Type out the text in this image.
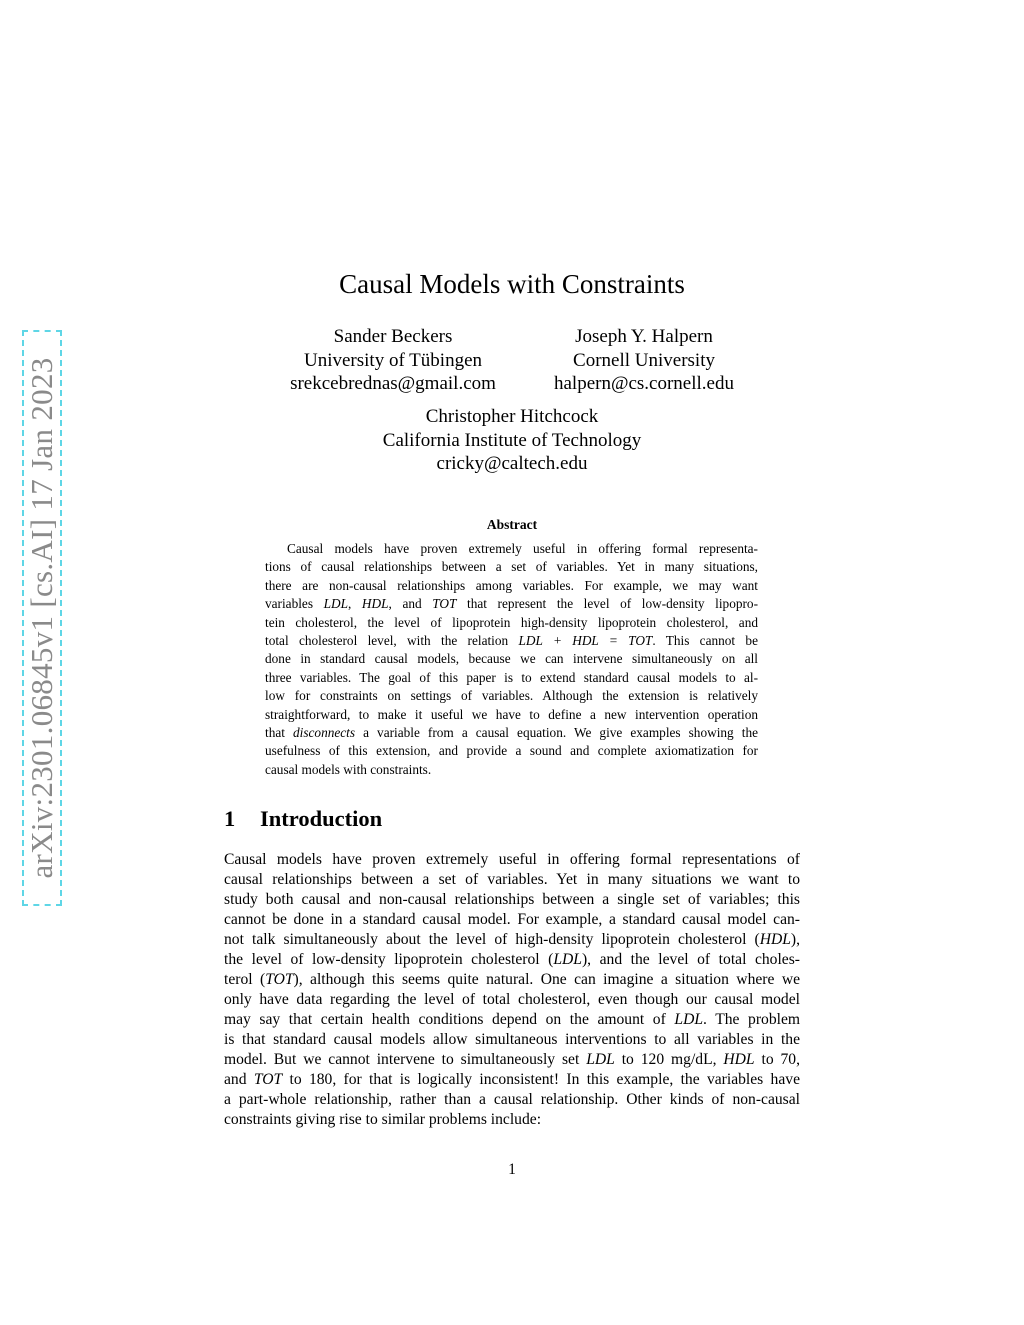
arXiv:2301.06845v1 [cs.AI] 17 Jan 2023
Causal Models with Constraints
Sander Beckers
University of Tübingen
srekcebrednas@gmail.com
Joseph Y. Halpern
Cornell University
halpern@cs.cornell.edu
Christopher Hitchcock
California Institute of Technology
cricky@caltech.edu
Abstract
Causal models have proven extremely useful in offering formal representa-
tions of causal relationships between a set of variables. Yet in many situations,
there are non-causal relationships among variables. For example, we may want
variables LDL, HDL, and TOT that represent the level of low-density lipopro-
tein cholesterol, the level of lipoprotein high-density lipoprotein cholesterol, and
total cholesterol level, with the relation LDL + HDL = TOT. This cannot be
done in standard causal models, because we can intervene simultaneously on all
three variables. The goal of this paper is to extend standard causal models to al-
low for constraints on settings of variables. Although the extension is relatively
straightforward, to make it useful we have to define a new intervention operation
that disconnects a variable from a causal equation. We give examples showing the
usefulness of this extension, and provide a sound and complete axiomatization for
causal models with constraints.
1 Introduction
Causal models have proven extremely useful in offering formal representations of
causal relationships between a set of variables. Yet in many situations we want to
study both causal and non-causal relationships between a single set of variables; this
cannot be done in a standard causal model. For example, a standard causal model can-
not talk simultaneously about the level of high-density lipoprotein cholesterol (HDL),
the level of low-density lipoprotein cholesterol (LDL), and the level of total choles-
terol (TOT), although this seems quite natural. One can imagine a situation where we
only have data regarding the level of total cholesterol, even though our causal model
may say that certain health conditions depend on the amount of LDL. The problem
is that standard causal models allow simultaneous interventions to all variables in the
model. But we cannot intervene to simultaneously set LDL to 120 mg/dL, HDL to 70,
and TOT to 180, for that is logically inconsistent! In this example, the variables have
a part-whole relationship, rather than a causal relationship. Other kinds of non-causal
constraints giving rise to similar problems include:
1
